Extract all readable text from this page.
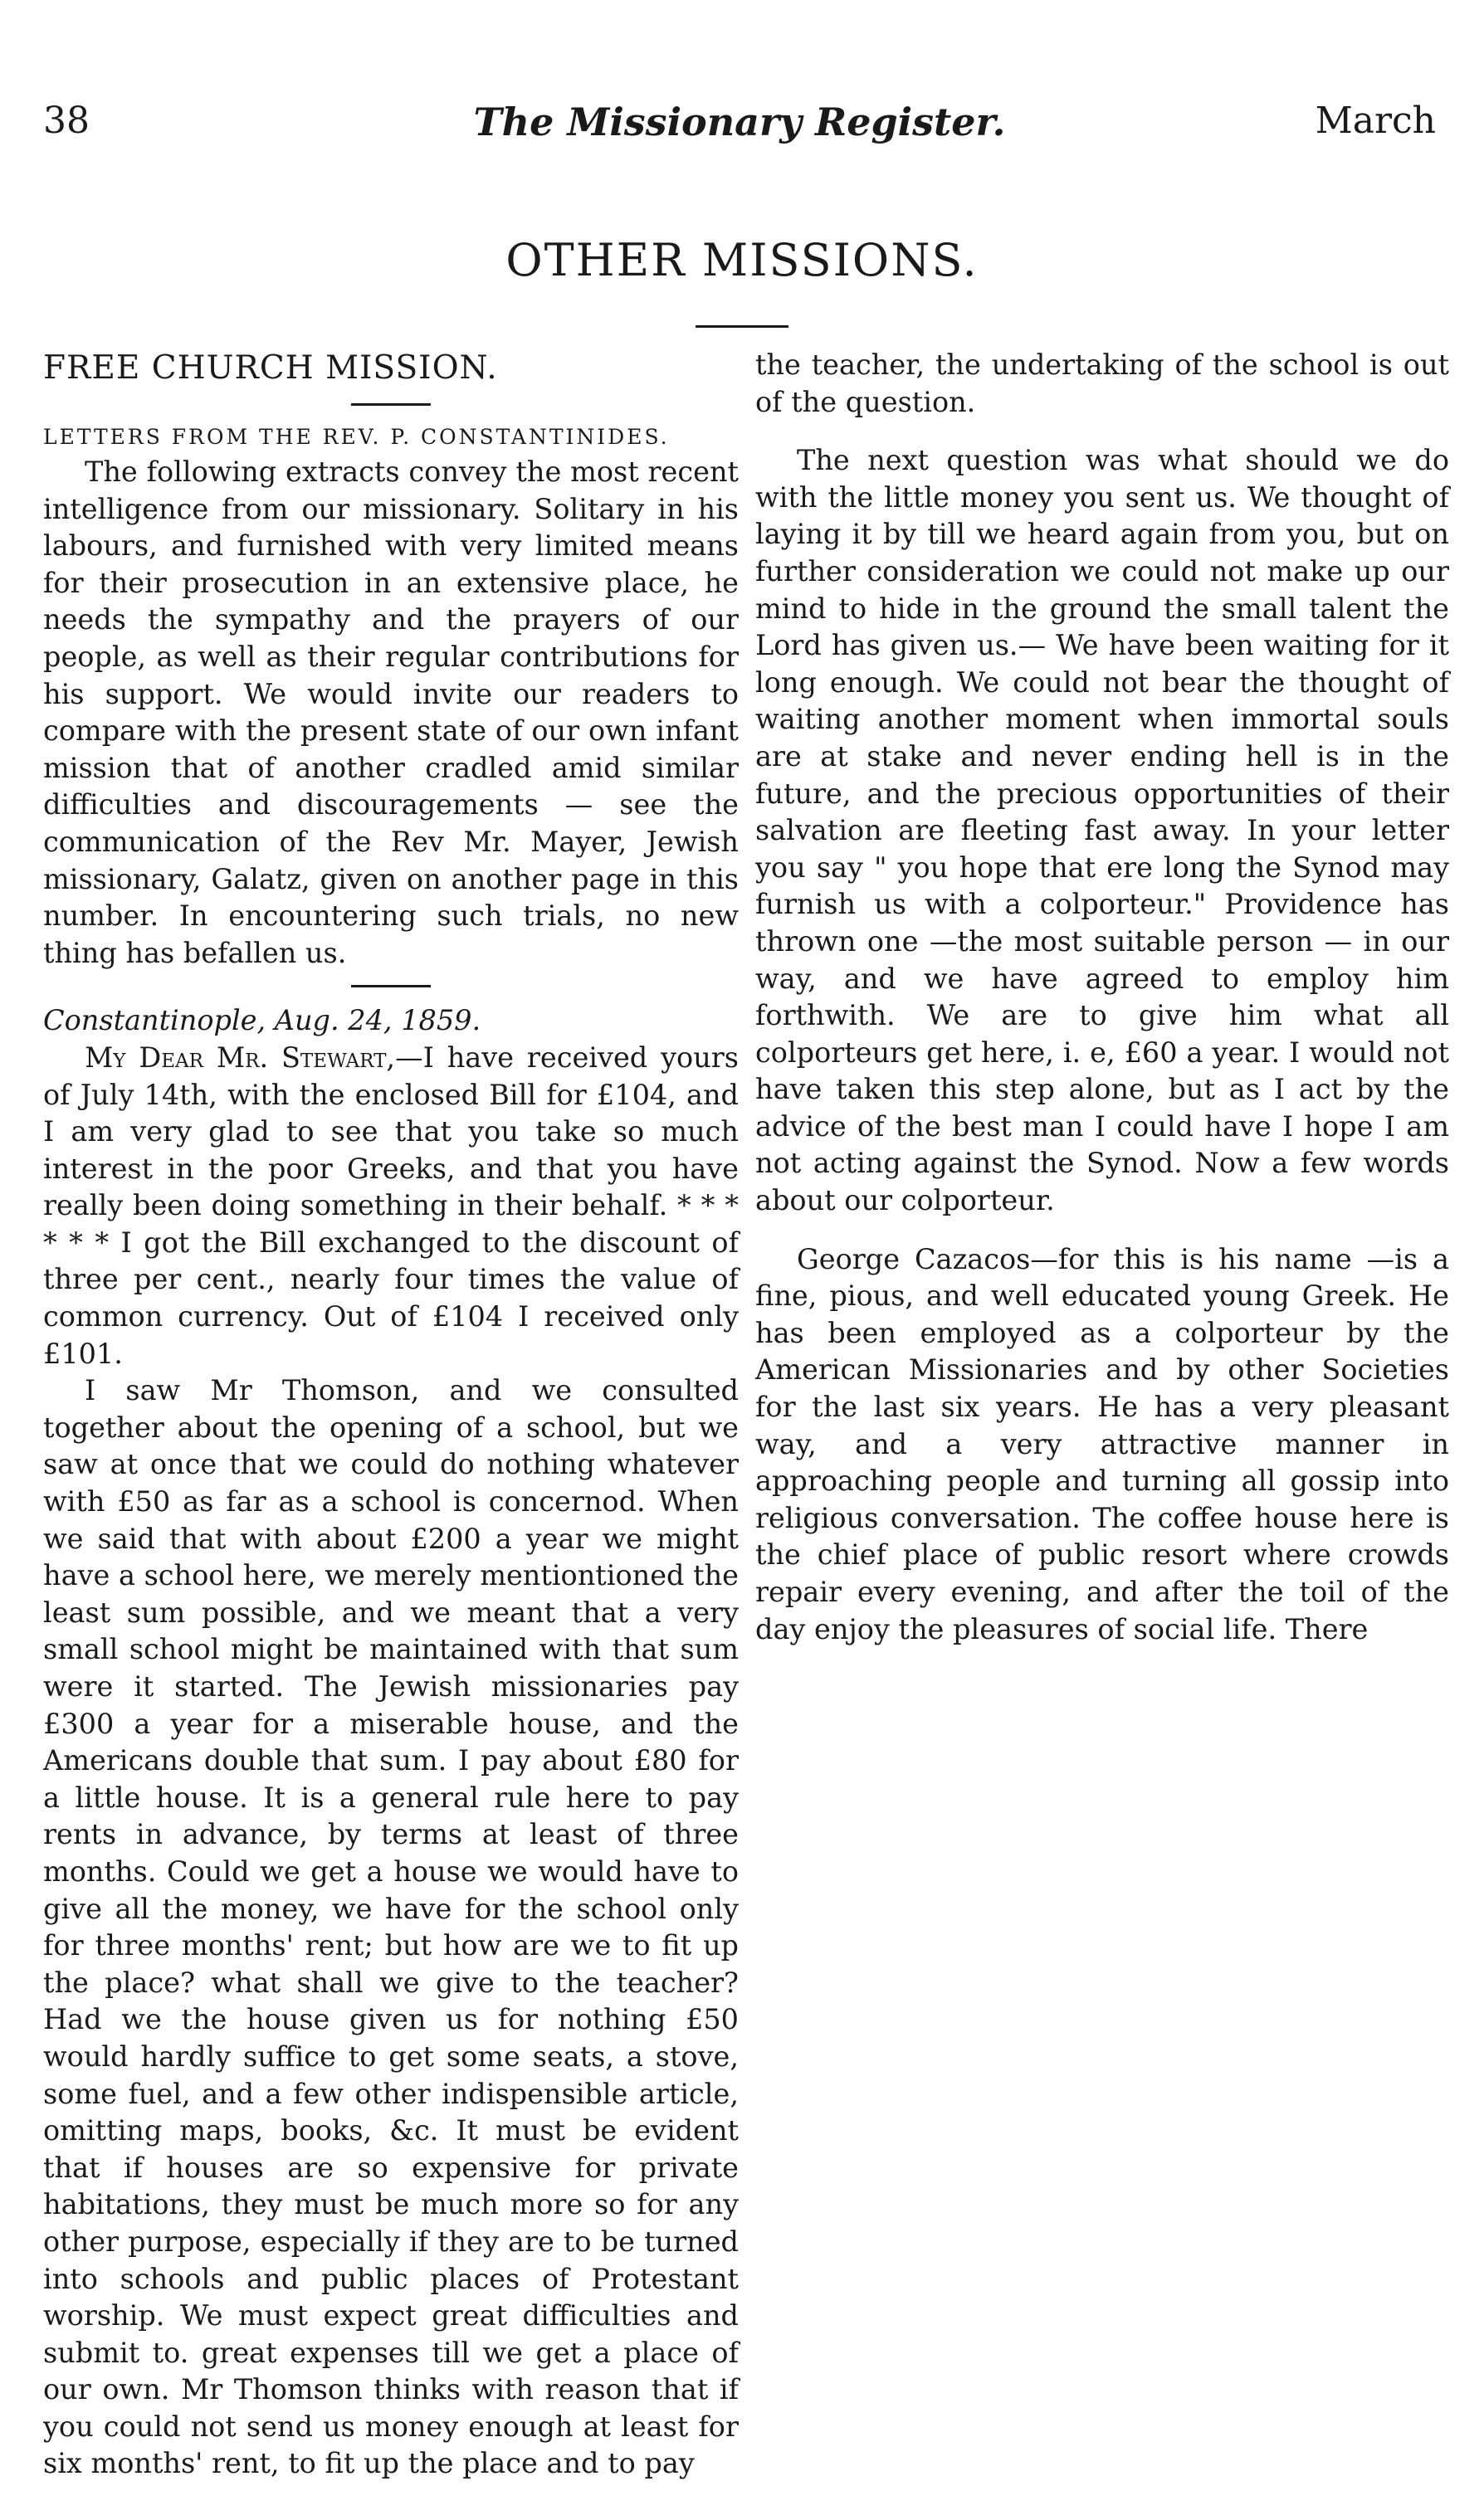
38	The Missionary Register.	March
OTHER MISSIONS.

FREE CHURCH MISSION.

LETTERS FROM THE REV. P. CONSTANTINIDES.

The following extracts convey the most recent intelligence from our missionary. Solitary in his labours, and furnished with very limited means for their prosecution in an extensive place, he needs the sympathy and the prayers of our people, as well as their regular contributions for his support. We would invite our readers to compare with the present state of our own infant mission that of another cradled amid similar difficulties and discouragements — see the communication of the Rev Mr. Mayer, Jewish missionary, Galatz, given on another page in this number. In encountering such trials, no new thing has befallen us.

Constantinople, Aug. 24, 1859.

My Dear Mr. Stewart,—I have received yours of July 14th, with the enclosed Bill for £104, and I am very glad to see that you take so much interest in the poor Greeks, and that you have really been doing something in their behalf. * * * * * * I got the Bill exchanged to the discount of three per cent., nearly four times the value of common currency. Out of £104 I received only £101.

I saw Mr Thomson, and we consulted together about the opening of a school, but we saw at once that we could do nothing whatever with £50 as far as a school is concernod. When we said that with about £200 a year we might have a school here, we merely mentiontioned the least sum possible, and we meant that a very small school might be maintained with that sum were it started. The Jewish missionaries pay £300 a year for a miserable house, and the Americans double that sum. I pay about £80 for a little house. It is a general rule here to pay rents in advance, by terms at least of three months. Could we get a house we would have to give all the money, we have for the school only for three months' rent; but how are we to fit up the place? what shall we give to the teacher? Had we the house given us for nothing £50 would hardly suffice to get some seats, a stove, some fuel, and a few other indispensible article, omitting maps, books, &c. It must be evident that if houses are so expensive for private habitations, they must be much more so for any other purpose, especially if they are to be turned into schools and public places of Protestant worship. We must expect great difficulties and submit to. great expenses till we get a place of our own. Mr Thomson thinks with reason that if you could not send us money enough at least for six months' rent, to fit up the place and to pay

the teacher, the undertaking of the school is out of the question.

The next question was what should we do with the little money you sent us. We thought of laying it by till we heard again from you, but on further consideration we could not make up our mind to hide in the ground the small talent the Lord has given us.— We have been waiting for it long enough. We could not bear the thought of waiting another moment when immortal souls are at stake and never ending hell is in the future, and the precious opportunities of their salvation are fleeting fast away. In your letter you say " you hope that ere long the Synod may furnish us with a colporteur." Providence has thrown one —the most suitable person — in our way, and we have agreed to employ him forthwith. We are to give him what all colporteurs get here, i. e, £60 a year. I would not have taken this step alone, but as I act by the advice of the best man I could have I hope I am not acting against the Synod. Now a few words about our colporteur.

George Cazacos—for this is his name —is a fine, pious, and well educated young Greek. He has been employed as a colporteur by the American Missionaries and by other Societies for the last six years. He has a very pleasant way, and a very attractive manner in approaching people and turning all gossip into religious conversation. The coffee house here is the chief place of public resort where crowds repair every evening, and after the toil of the day enjoy the pleasures of social life. There
